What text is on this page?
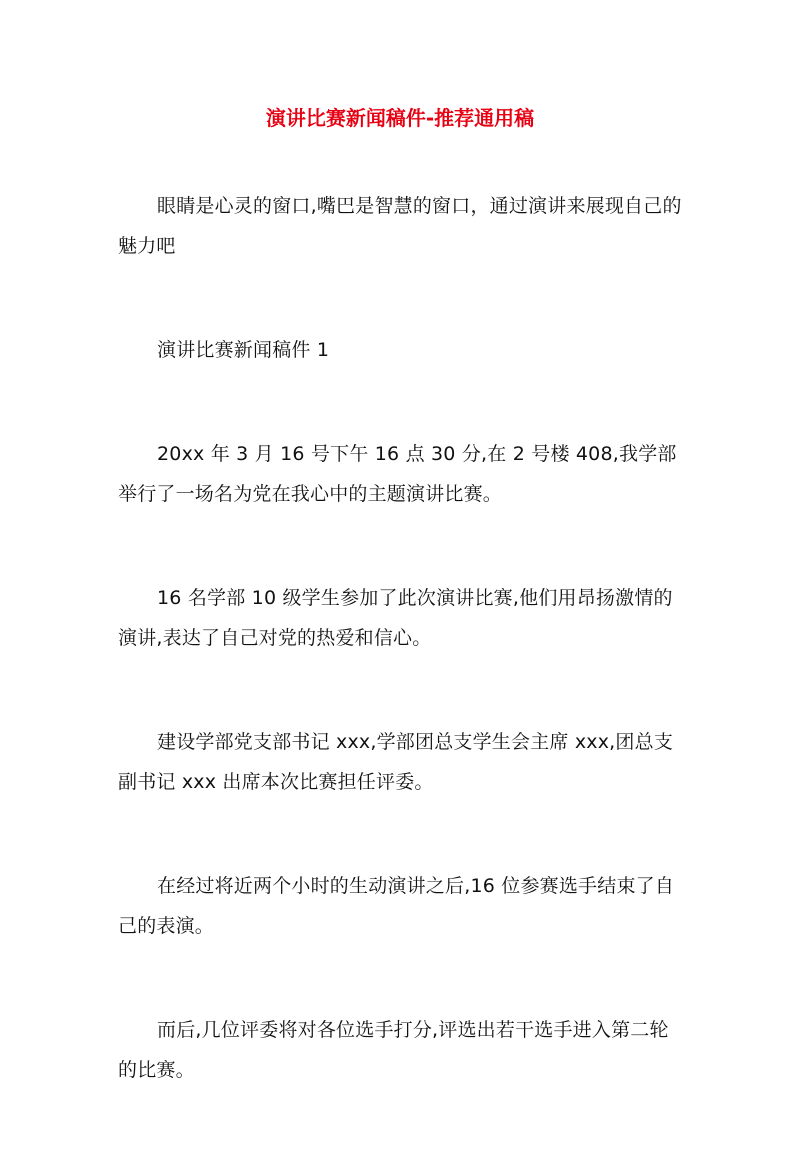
演讲比赛新闻稿件-推荐通用稿

眼睛是心灵的窗口,嘴巴是智慧的窗口，通过演讲来展现自己的魅力吧

演讲比赛新闻稿件 1

20xx 年 3 月 16 号下午 16 点 30 分,在 2 号楼 408,我学部举行了一场名为党在我心中的主题演讲比赛。

16 名学部 10 级学生参加了此次演讲比赛,他们用昂扬激情的演讲,表达了自己对党的热爱和信心。

建设学部党支部书记 xxx,学部团总支学生会主席 xxx,团总支副书记 xxx 出席本次比赛担任评委。

在经过将近两个小时的生动演讲之后,16 位参赛选手结束了自己的表演。

而后,几位评委将对各位选手打分,评选出若干选手进入第二轮的比赛。
